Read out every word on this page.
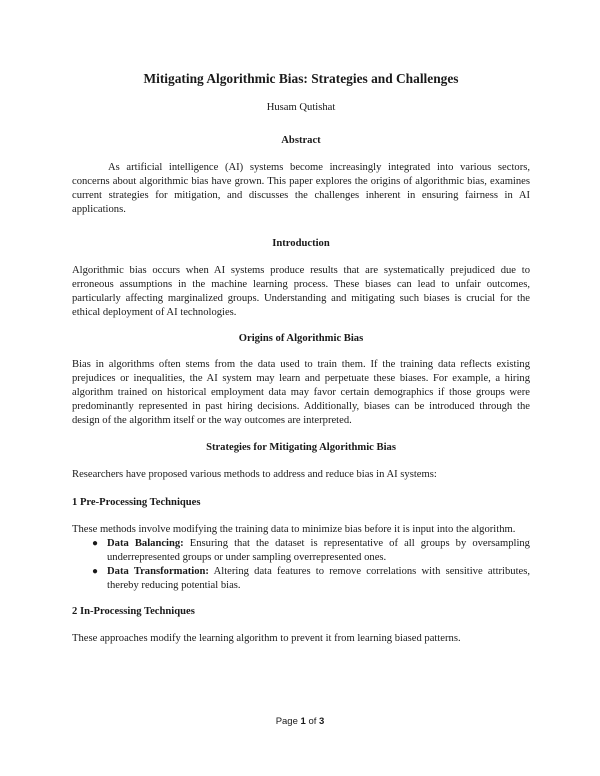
Mitigating Algorithmic Bias: Strategies and Challenges
Husam Qutishat
Abstract

As artificial intelligence (AI) systems become increasingly integrated into various sectors, concerns about algorithmic bias have grown. This paper explores the origins of algorithmic bias, examines current strategies for mitigation, and discusses the challenges inherent in ensuring fairness in AI applications.

Introduction

Algorithmic bias occurs when AI systems produce results that are systematically prejudiced due to erroneous assumptions in the machine learning process. These biases can lead to unfair outcomes, particularly affecting marginalized groups. Understanding and mitigating such biases is crucial for the ethical deployment of AI technologies.

Origins of Algorithmic Bias

Bias in algorithms often stems from the data used to train them. If the training data reflects existing prejudices or inequalities, the AI system may learn and perpetuate these biases. For example, a hiring algorithm trained on historical employment data may favor certain demographics if those groups were predominantly represented in past hiring decisions. Additionally, biases can be introduced through the design of the algorithm itself or the way outcomes are interpreted.

Strategies for Mitigating Algorithmic Bias

Researchers have proposed various methods to address and reduce bias in AI systems:

1 Pre-Processing Techniques

These methods involve modifying the training data to minimize bias before it is input into the algorithm.

● Data Balancing: Ensuring that the dataset is representative of all groups by oversampling underrepresented groups or under sampling overrepresented ones.
● Data Transformation: Altering data features to remove correlations with sensitive attributes, thereby reducing potential bias.
2 In-Processing Techniques

These approaches modify the learning algorithm to prevent it from learning biased patterns.

Page 1 of 3
